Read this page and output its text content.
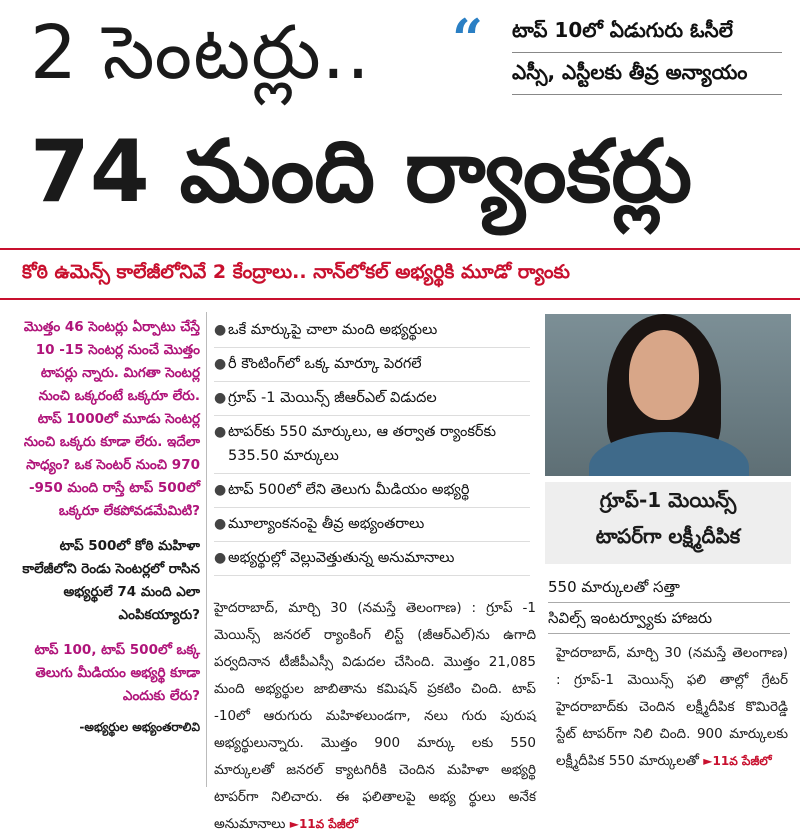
2 సెంటర్లు..
74 మంది ర్యాంకర్లు
“ టాప్ 10లో ఏడుగురు ఓసీలే
ఎస్సీ, ఎస్టీలకు తీవ్ర అన్యాయం
కోఠి ఉమెన్స్ కాలేజీలోనివే 2 కేంద్రాలు.. నాన్‌లోకల్ అభ్యర్థికి మూడో ర్యాంకు

మొత్తం 46 సెంటర్లు ఏర్పాటు చేస్తే 10 -15 సెంటర్ల నుంచే మొత్తం టాపర్లు న్నారు. మిగతా సెంటర్ల నుంచి ఒక్కరంటే ఒక్కరూ లేరు. టాప్ 1000లో మూడు సెంటర్ల నుంచి ఒక్కరు కూడా లేరు. ఇదేలా సాధ్యం? ఒక సెంటర్ నుంచి 970 -950 మంది రాస్తే టాప్ 500లో ఒక్కరూ లేకపోవడమేమిటి?

టాప్ 500లో కోఠి మహిళా కాలేజీలోని రెండు సెంటర్లలో రాసిన అభ్యర్థులే 74 మంది ఎలా ఎంపికయ్యారు?

టాప్ 100, టాప్ 500లో ఒక్క తెలుగు మీడియం అభ్యర్థి కూడా ఎందుకు లేరు?

-అభ్యర్థుల అభ్యంతరాలివి
● ఒకే మార్కుపై చాలా మంది అభ్యర్థులు
● రీ కౌంటింగ్‌లో ఒక్క మార్కూ పెరగలే
● గ్రూప్ -1 మెయిన్స్ జీఆర్‌ఎల్ విడుదల
● టాపర్‌కు 550 మార్కులు, ఆ తర్వాత ర్యాంకర్‌కు 535.50 మార్కులు
● టాప్ 500లో లేని తెలుగు మీడియం అభ్యర్థి
● మూల్యాంకనంపై తీవ్ర అభ్యంతరాలు
● అభ్యర్థుల్లో వెల్లువెత్తుతున్న అనుమానాలు
హైదరాబాద్, మార్చి 30 (నమస్తే తెలంగాణ) : గ్రూప్ -1 మెయిన్స్ జనరల్ ర్యాంకింగ్ లిస్ట్ (జీఆర్‌ఎల్)ను ఉగాది పర్వదినాన టీజీపీఎస్సీ విడుదల చేసింది. మొత్తం 21,085 మంది అభ్యర్థుల జాబితాను కమిషన్ ప్రకటిం చింది. టాప్ -10లో ఆరుగురు మహిళలుండగా, నలు గురు పురుష అభ్యర్థులున్నారు. మొత్తం 900 మార్కు లకు 550 మార్కులతో జనరల్ క్యాటగిరీకి చెందిన మహిళా అభ్యర్థి టాపర్‌గా నిలిచారు. ఈ ఫలితాలపై అభ్య ర్థులు అనేక అనుమానాలు ►11వ పేజీలో
గ్రూప్-1 మెయిన్స్
టాపర్‌గా లక్ష్మీదీపిక
550 మార్కులతో సత్తా
సివిల్స్ ఇంటర్వ్యూకు హాజరు
హైదరాబాద్, మార్చి 30 (నమస్తే తెలంగాణ) : గ్రూప్-1 మెయిన్స్ ఫలి తాల్లో గ్రేటర్ హైదరాబాద్‌కు చెందిన లక్ష్మీదీపిక కొమిరెడ్డి స్టేట్ టాపర్‌గా నిలి చింది. 900 మార్కులకు లక్ష్మీదీపిక 550 మార్కులతో ►11వ పేజీలో
